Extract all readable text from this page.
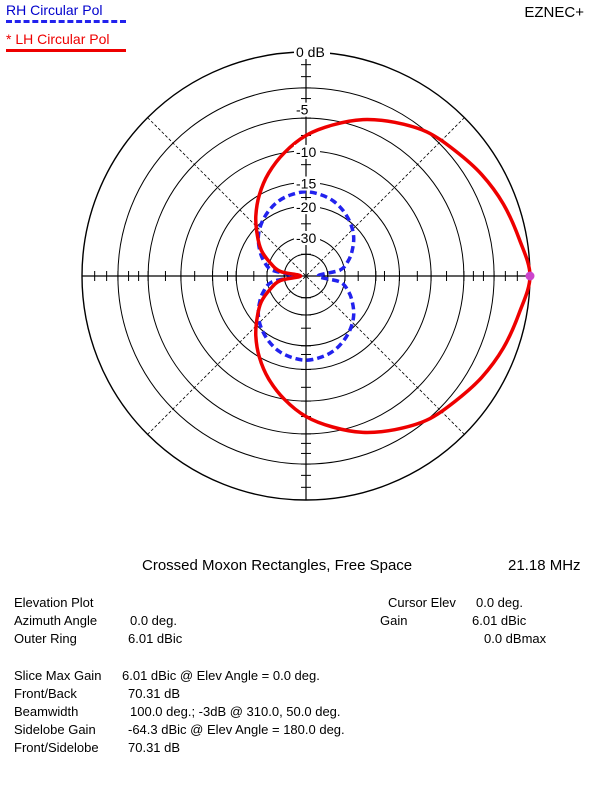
RH Circular Pol
* LH Circular Pol
EZNEC+
0 dB
-5
-10
-15
-20
-30
Crossed Moxon Rectangles, Free Space	21.18 MHz
Elevation Plot
Azimuth Angle	0.0 deg.
Outer Ring	6.01 dBic
Cursor Elev 0.0 deg.
Gain	6.01 dBic
0.0 dBmax
Slice Max Gain 6.01 dBic @ Elev Angle = 0.0 deg.
Front/Back	70.31 dB
Beamwidth	100.0 deg.; -3dB @ 310.0, 50.0 deg.
Sidelobe Gain -64.3 dBic @ Elev Angle = 180.0 deg.
Front/Sidelobe 70.31 dB
